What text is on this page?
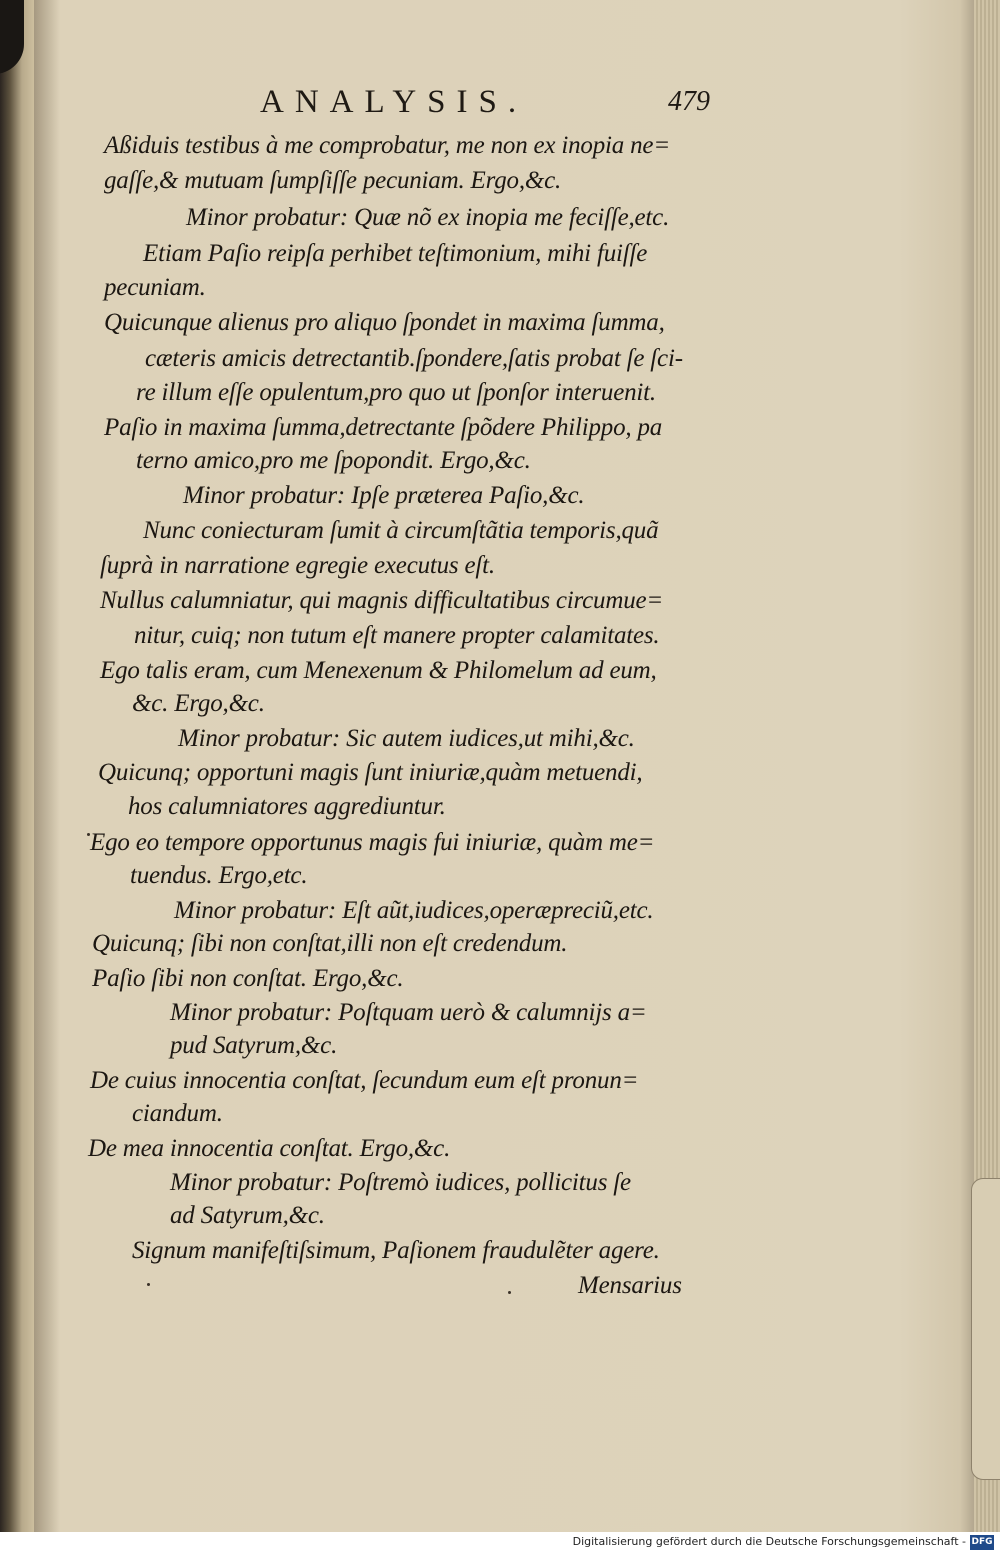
ANALYSIS.	479
Aßiduis testibus à me comprobatur, me non ex inopia ne=
gaſſe,& mutuam ſumpſiſſe pecuniam. Ergo,&c.
Minor probatur: Quæ nõ ex inopia me feciſſe,etc.
Etiam Paſio reipſa perhibet teſtimonium, mihi fuiſſe
pecuniam.
Quicunque alienus pro aliquo ſpondet in maxima ſumma,
cæteris amicis detrectantib.ſpondere,ſatis probat ſe ſci-
re illum eſſe opulentum,pro quo ut ſponſor interuenit.
Paſio in maxima ſumma,detrectante ſpõdere Philippo, pa
terno amico,pro me ſpopondit. Ergo,&c.
Minor probatur: Ipſe præterea Paſio,&c.
Nunc coniecturam ſumit à circumſtãtia temporis,quã
ſuprà in narratione egregie executus eſt.
Nullus calumniatur, qui magnis difficultatibus circumue=
nitur, cuiq; non tutum eſt manere propter calamitates.
Ego talis eram, cum Menexenum & Philomelum ad eum,
&c. Ergo,&c.
Minor probatur: Sic autem iudices,ut mihi,&c.
Quicunq; opportuni magis ſunt iniuriæ,quàm metuendi,
hos calumniatores aggrediuntur.
Ego eo tempore opportunus magis fui iniuriæ, quàm me=
tuendus. Ergo,etc.
Minor probatur: Eſt aũt,iudices,operæpreciũ,etc.
Quicunq; ſibi non conſtat,illi non eſt credendum.
Paſio ſibi non conſtat. Ergo,&c.
Minor probatur: Poſtquam uerò & calumnijs a=
pud Satyrum,&c.
De cuius innocentia conſtat, ſecundum eum eſt pronun=
ciandum.
De mea innocentia conſtat. Ergo,&c.
Minor probatur: Poſtremò iudices, pollicitus ſe
ad Satyrum,&c.
Signum manifeſtiſsimum, Paſionem fraudulẽter agere.
Mensarius
Digitalisierung gefördert durch die Deutsche Forschungsgemeinschaft - DFG
